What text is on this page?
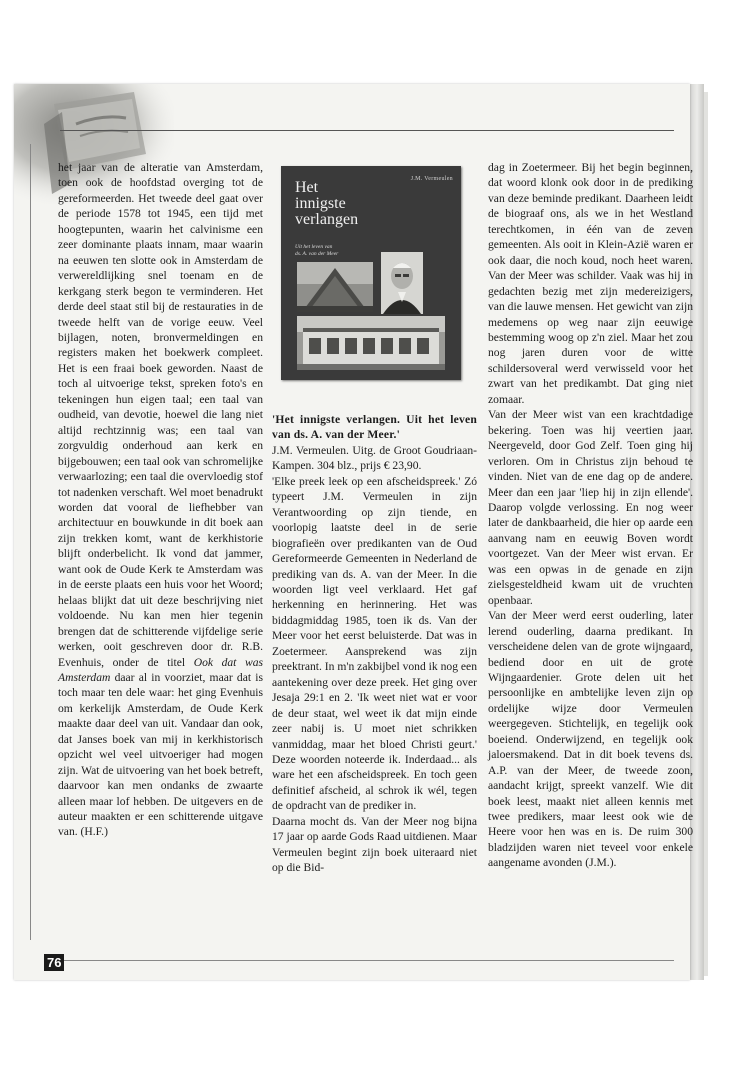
het jaar van de alteratie van Amsterdam, toen ook de hoofdstad overging tot de gereformeerden. Het tweede deel gaat over de periode 1578 tot 1945, een tijd met hoogtepunten, waarin het calvinisme een zeer dominante plaats innam, maar waarin na eeuwen ten slotte ook in Amsterdam de verwereldlijking snel toenam en de kerkgang sterk begon te verminderen. Het derde deel staat stil bij de restauraties in de tweede helft van de vorige eeuw. Veel bijlagen, noten, bronvermeldingen en registers maken het boekwerk compleet. Het is een fraai boek geworden. Naast de toch al uitvoerige tekst, spreken foto's en tekeningen hun eigen taal; een taal van oudheid, van devotie, hoewel die lang niet altijd rechtzinnig was; een taal van zorgvuldig onderhoud aan kerk en bijgebouwen; een taal ook van schromelijke verwaarlozing; een taal die overvloedig stof tot nadenken verschaft. Wel moet benadrukt worden dat vooral de liefhebber van architectuur en bouwkunde in dit boek aan zijn trekken komt, want de kerkhistorie blijft onderbelicht. Ik vond dat jammer, want ook de Oude Kerk te Amsterdam was in de eerste plaats een huis voor het Woord; helaas blijkt dat uit deze beschrijving niet voldoende. Nu kan men hier tegenin brengen dat de schitterende vijfdelige serie werken, ooit geschreven door dr. R.B. Evenhuis, onder de titel Ook dat was Amsterdam daar al in voorziet, maar dat is toch maar ten dele waar: het ging Evenhuis om kerkelijk Amsterdam, de Oude Kerk maakte daar deel van uit. Vandaar dan ook, dat Janses boek van mij in kerkhistorisch opzicht wel veel uitvoeriger had mogen zijn. Wat de uitvoering van het boek betreft, daarvoor kan men ondanks de zwaarte alleen maar lof hebben. De uitgevers en de auteur maakten er een schitterende uitgave van. (H.F.)

J.M. Vermeulen
Het
innigste
verlangen
Uit het leven van
ds. A. van der Meer

'Het innigste verlangen. Uit het leven van ds. A. van der Meer.'

J.M. Vermeulen. Uitg. de Groot Goudriaan-Kampen. 304 blz., prijs € 23,90.

'Elke preek leek op een afscheidspreek.' Zó typeert J.M. Vermeulen in zijn Verantwoording op zijn tiende, en voorlopig laatste deel in de serie biografieën over predikanten van de Oud Gereformeerde Gemeenten in Nederland de prediking van ds. A. van der Meer. In die woorden ligt veel verklaard. Het gaf herkenning en herinnering. Het was biddagmiddag 1985, toen ik ds. Van der Meer voor het eerst beluisterde. Dat was in Zoetermeer. Aansprekend was zijn preektrant. In m'n zakbijbel vond ik nog een aantekening over deze preek. Het ging over Jesaja 29:1 en 2. 'Ik weet niet wat er voor de deur staat, wel weet ik dat mijn einde zeer nabij is. U moet niet schrikken vanmiddag, maar het bloed Christi geurt.' Deze woorden noteerde ik. Inderdaad... als ware het een afscheidspreek. En toch geen definitief afscheid, al schrok ik wél, tegen de opdracht van de prediker in.

Daarna mocht ds. Van der Meer nog bijna 17 jaar op aarde Gods Raad uitdienen. Maar Vermeulen begint zijn boek uiteraard niet op die Bid-

dag in Zoetermeer. Bij het begin beginnen, dat woord klonk ook door in de prediking van deze beminde predikant. Daarheen leidt de biograaf ons, als we in het Westland terechtkomen, in één van de zeven gemeenten. Als ooit in Klein-Azië waren er ook daar, die noch koud, noch heet waren. Van der Meer was schilder. Vaak was hij in gedachten bezig met zijn medereizigers, van die lauwe mensen. Het gewicht van zijn medemens op weg naar zijn eeuwige bestemming woog op z'n ziel. Maar het zou nog jaren duren voor de witte schildersoveral werd verwisseld voor het zwart van het predikambt. Dat ging niet zomaar.

Van der Meer wist van een krachtdadige bekering. Toen was hij veertien jaar. Neergeveld, door God Zelf. Toen ging hij verloren. Om in Christus zijn behoud te vinden. Niet van de ene dag op de andere. Meer dan een jaar 'liep hij in zijn ellende'. Daarop volgde verlossing. En nog weer later de dankbaarheid, die hier op aarde een aanvang nam en eeuwig Boven wordt voortgezet. Van der Meer wist ervan. Er was een opwas in de genade en zijn zielsgesteldheid kwam uit de vruchten openbaar.

Van der Meer werd eerst ouderling, later lerend ouderling, daarna predikant. In verscheidene delen van de grote wijngaard, bediend door en uit de grote Wijngaardenier. Grote delen uit het persoonlijke en ambtelijke leven zijn op ordelijke wijze door Vermeulen weergegeven. Stichtelijk, en tegelijk ook boeiend. Onderwijzend, en tegelijk ook jaloersmakend. Dat in dit boek tevens ds. A.P. van der Meer, de tweede zoon, aandacht krijgt, spreekt vanzelf. Wie dit boek leest, maakt niet alleen kennis met twee predikers, maar leest ook wie de Heere voor hen was en is. De ruim 300 bladzijden waren niet teveel voor enkele aangename avonden (J.M.).

76
